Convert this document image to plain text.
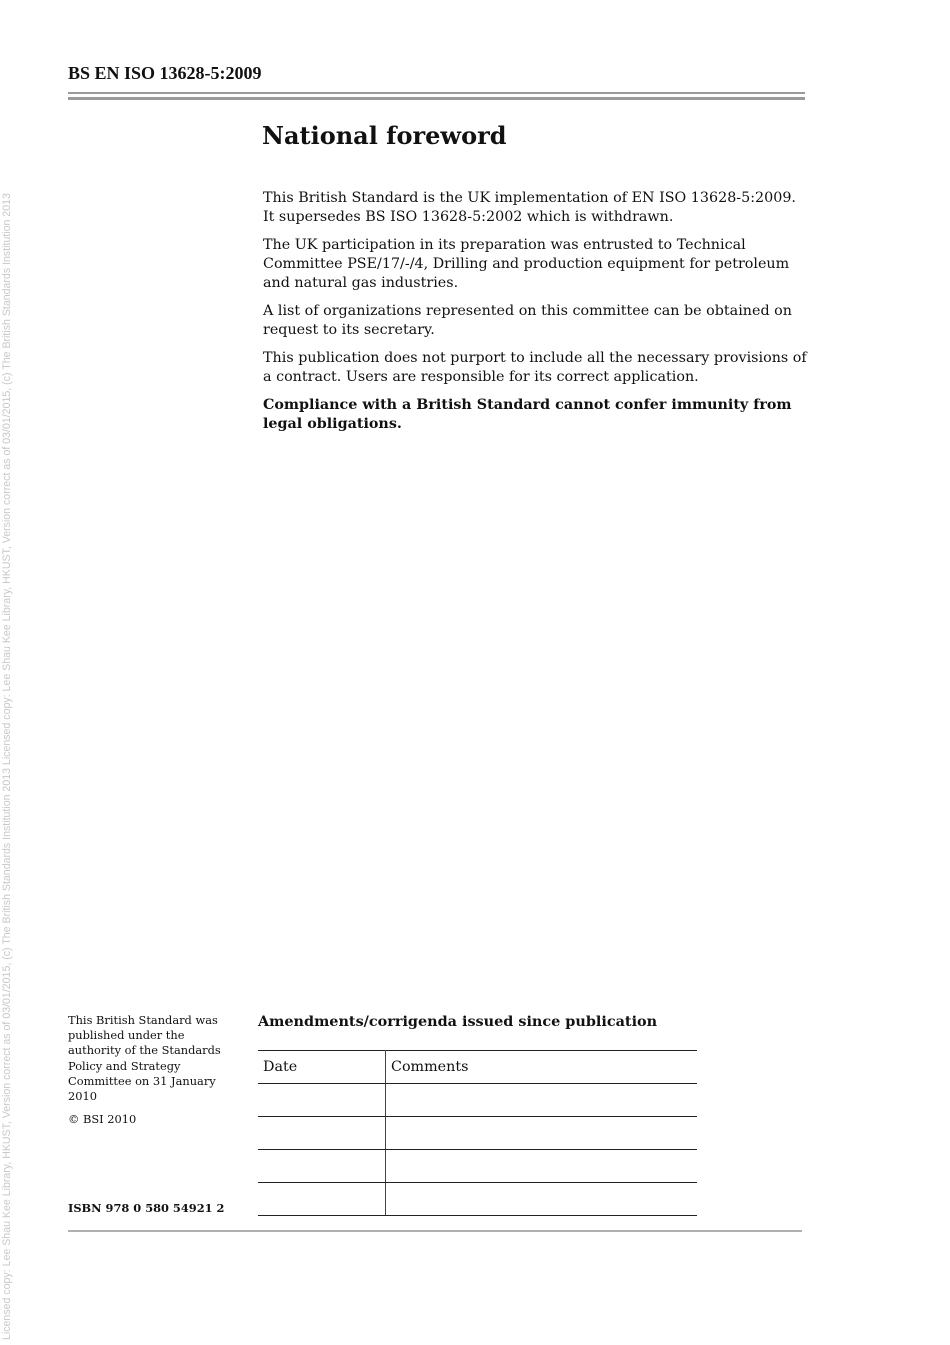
Licensed copy: Lee Shau Kee Library, HKUST, Version correct as of 03/01/2015, (c) The British Standards Institution 2013 Licensed copy: Lee Shau Kee Library, HKUST, Version correct as of 03/01/2015, (c) The British Standards Institution 2013
BS EN ISO 13628-5:2009
National foreword

This British Standard is the UK implementation of EN ISO 13628-5:2009. It supersedes BS ISO 13628-5:2002 which is withdrawn.

The UK participation in its preparation was entrusted to Technical Committee PSE/17/-/4, Drilling and production equipment for petroleum and natural gas industries.

A list of organizations represented on this committee can be obtained on request to its secretary.

This publication does not purport to include all the necessary provisions of a contract. Users are responsible for its correct application.

Compliance with a British Standard cannot confer immunity from legal obligations.

This British Standard was published under the authority of the Standards Policy and Strategy Committee on 31 January 2010

© BSI 2010

ISBN 978 0 580 54921 2

Amendments/corrigenda issued since publication
Date	Comments
